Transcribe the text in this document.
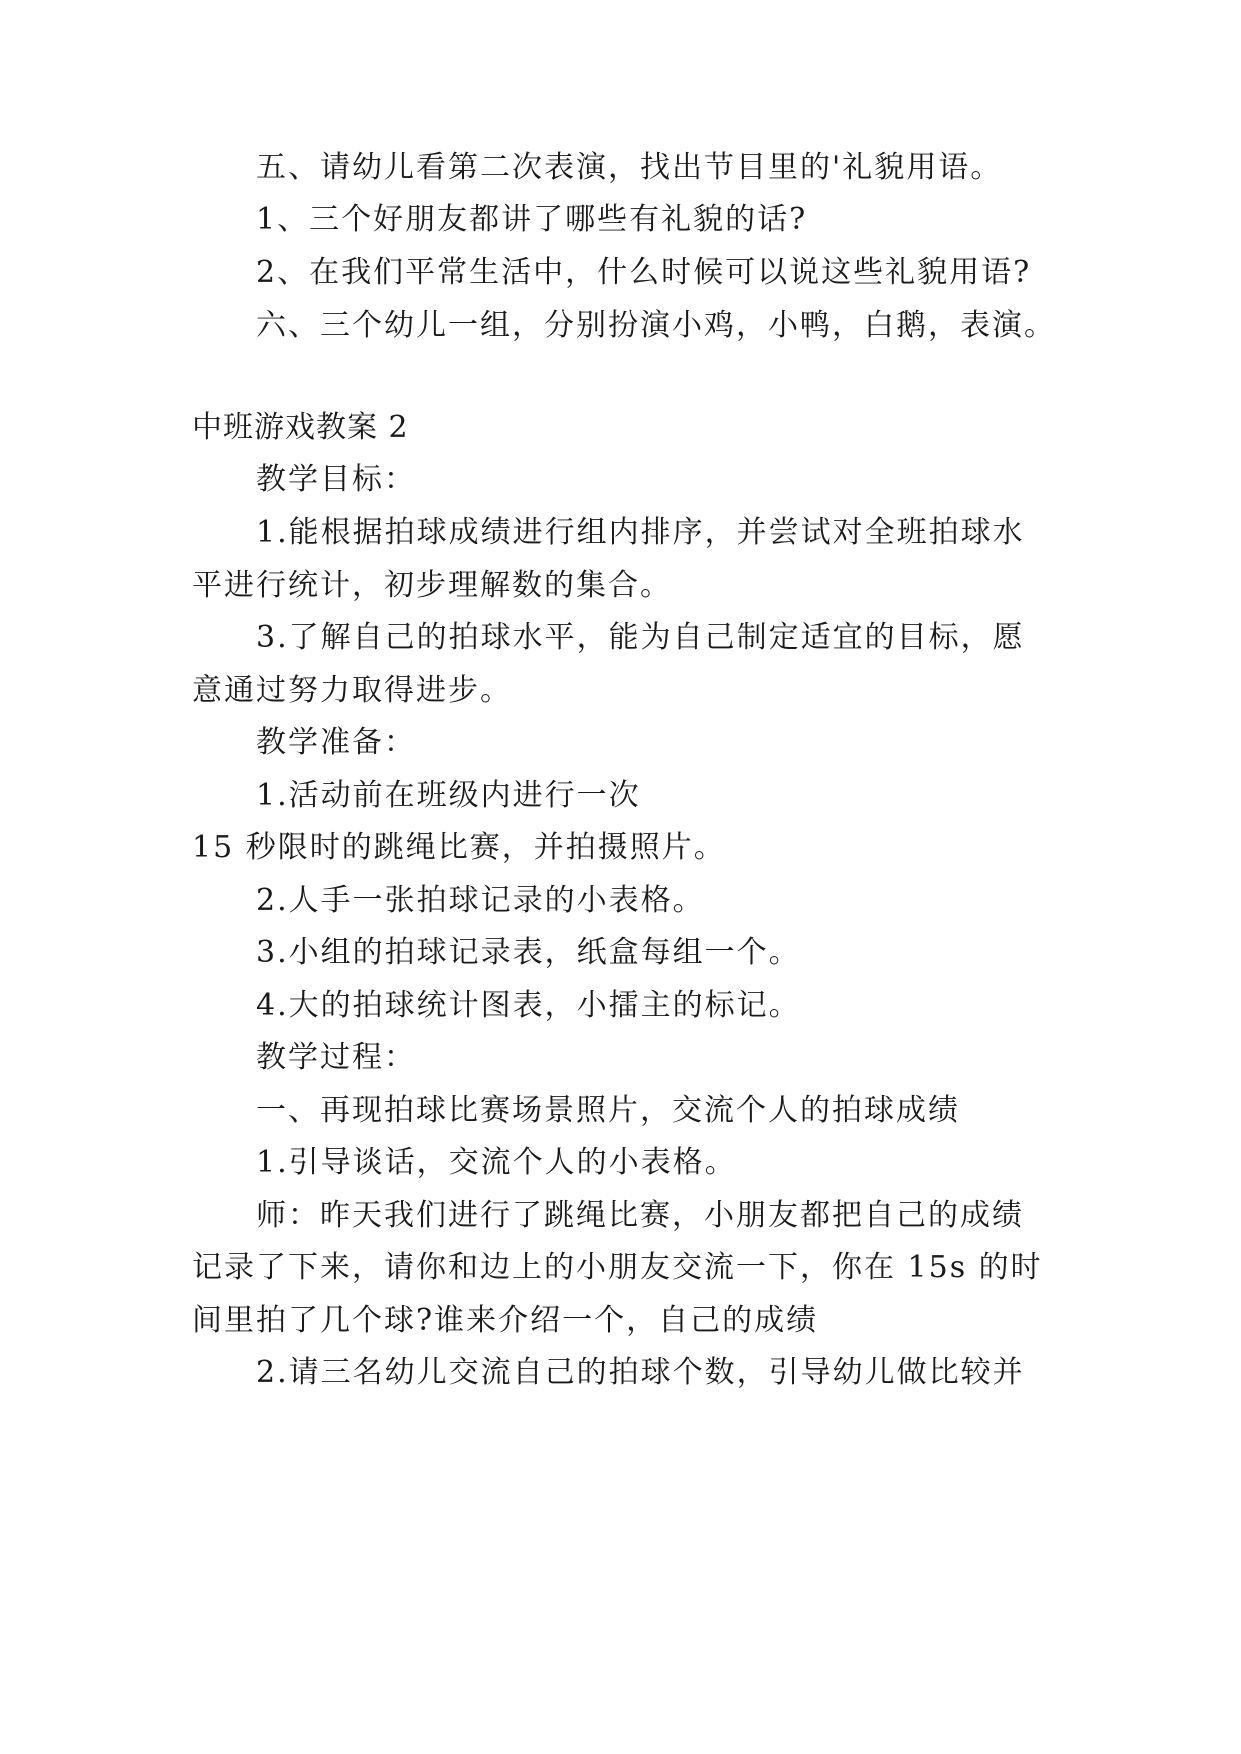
五、请幼儿看第二次表演，找出节目里的'礼貌用语。
1、三个好朋友都讲了哪些有礼貌的话?
2、在我们平常生活中，什么时候可以说这些礼貌用语?
六、三个幼儿一组，分别扮演小鸡，小鸭，白鹅，表演。
中班游戏教案 2
教学目标：
1.能根据拍球成绩进行组内排序，并尝试对全班拍球水
平进行统计，初步理解数的集合。
3.了解自己的拍球水平，能为自己制定适宜的目标，愿
意通过努力取得进步。
教学准备：
1.活动前在班级内进行一次
15 秒限时的跳绳比赛，并拍摄照片。
2.人手一张拍球记录的小表格。
3.小组的拍球记录表，纸盒每组一个。
4.大的拍球统计图表，小擂主的标记。
教学过程：
一、再现拍球比赛场景照片，交流个人的拍球成绩
1.引导谈话，交流个人的小表格。
师：昨天我们进行了跳绳比赛，小朋友都把自己的成绩
记录了下来，请你和边上的小朋友交流一下，你在 15s 的时
间里拍了几个球?谁来介绍一个，自己的成绩
2.请三名幼儿交流自己的拍球个数，引导幼儿做比较并
